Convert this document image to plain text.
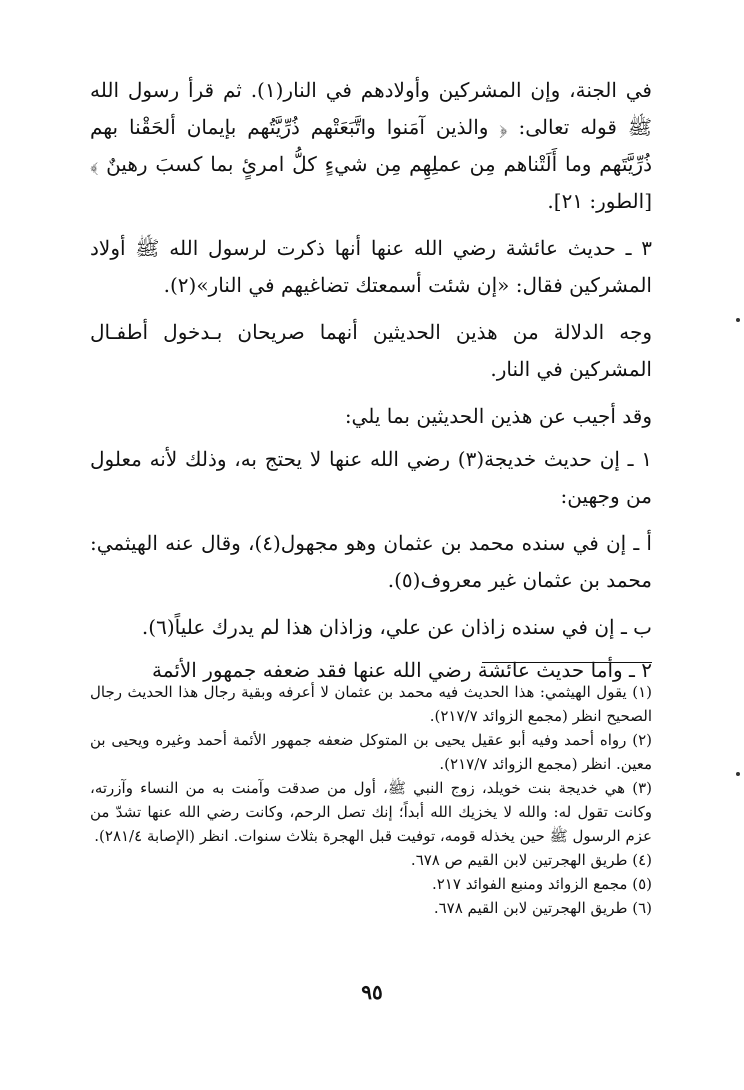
في الجنة، وإن المشركين وأولادهم في النار(١). ثم قرأ رسول الله ﷺ قوله تعالى: ﴿ والذين آمَنوا واتَّبَعَتْهم ذُرِّيَّتُهم بإيمان ألحَقْنا بهم ذُرِّيَّتَهم وما أَلَتْناهم مِن عملِهِم مِن شيءٍ كلُّ امرئٍ بما كسبَ رهينٌ ﴾ [الطور: ٢١].

٣ ـ حديث عائشة رضي الله عنها أنها ذكرت لرسول الله ﷺ أولاد المشركين فقال: «إن شئت أسمعتك تضاغيهم في النار»(٢).

وجه الدلالة من هذين الحديثين أنهما صريحان بـدخول أطفـال المشركين في النار.

وقد أجيب عن هذين الحديثين بما يلي:

١ ـ إن حديث خديجة(٣) رضي الله عنها لا يحتج به، وذلك لأنه معلول من وجهين:

أ ـ إن في سنده محمد بن عثمان وهو مجهول(٤)، وقال عنه الهيثمي: محمد بن عثمان غير معروف(٥).

ب ـ إن في سنده زاذان عن علي، وزاذان هذا لم يدرك علياً(٦).

٢ ـ وأما حديث عائشة رضي الله عنها فقد ضعفه جمهور الأئمة

(١) يقول الهيثمي: هذا الحديث فيه محمد بن عثمان لا أعرفه وبقية رجال هذا الحديث رجال الصحيح انظر (مجمع الزوائد ٢١٧/٧).

(٢) رواه أحمد وفيه أبو عقيل يحيى بن المتوكل ضعفه جمهور الأئمة أحمد وغيره ويحيى بن معين. انظر (مجمع الزوائد ٢١٧/٧).

(٣) هي خديجة بنت خويلد، زوج النبي ﷺ، أول من صدقت وآمنت به من النساء وآزرته، وكانت تقول له: والله لا يخزيك الله أبداً؛ إنك تصل الرحم، وكانت رضي الله عنها تشدّ من عزم الرسول ﷺ حين يخذله قومه، توفيت قبل الهجرة بثلاث سنوات. انظر (الإصابة ٢٨١/٤).

(٤) طريق الهجرتين لابن القيم ص ٦٧٨.

(٥) مجمع الزوائد ومنبع الفوائد ٢١٧.

(٦) طريق الهجرتين لابن القيم ٦٧٨.

٩٥
